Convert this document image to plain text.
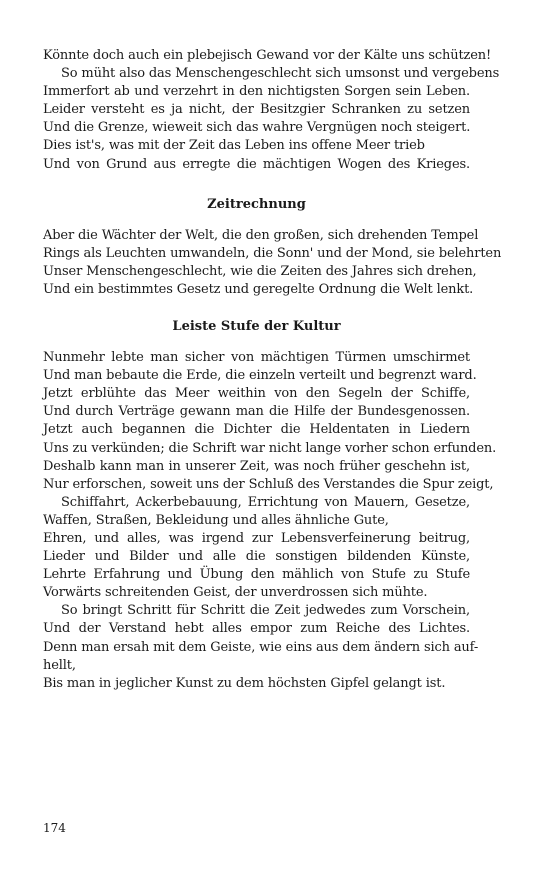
Könnte doch auch ein plebejisch Gewand vor der Kälte uns schützen!
So müht also das Menschengeschlecht sich umsonst und vergebens
Immerfort ab und verzehrt in den nichtigsten Sorgen sein Leben.
Leider versteht es ja nicht, der Besitzgier Schranken zu setzen
Und die Grenze, wieweit sich das wahre Vergnügen noch steigert.
Dies ist's, was mit der Zeit das Leben ins offene Meer trieb
Und von Grund aus erregte die mächtigen Wogen des Krieges.
Zeitrechnung
Aber die Wächter der Welt, die den großen, sich drehenden Tempel
Rings als Leuchten umwandeln, die Sonn' und der Mond, sie belehrten
Unser Menschengeschlecht, wie die Zeiten des Jahres sich drehen,
Und ein bestimmtes Gesetz und geregelte Ordnung die Welt lenkt.
Leiste Stufe der Kultur
Nunmehr lebte man sicher von mächtigen Türmen umschirmet
Und man bebaute die Erde, die einzeln verteilt und begrenzt ward.
Jetzt erblühte das Meer weithin von den Segeln der Schiffe,
Und durch Verträge gewann man die Hilfe der Bundesgenossen.
Jetzt auch begannen die Dichter die Heldentaten in Liedern
Uns zu verkünden; die Schrift war nicht lange vorher schon erfunden.
Deshalb kann man in unserer Zeit, was noch früher geschehn ist,
Nur erforschen, soweit uns der Schluß des Verstandes die Spur zeigt,
Schiffahrt, Ackerbebauung, Errichtung von Mauern, Gesetze,
Waffen, Straßen, Bekleidung und alles ähnliche Gute,
Ehren, und alles, was irgend zur Lebensverfeinerung beitrug,
Lieder und Bilder und alle die sonstigen bildenden Künste,
Lehrte Erfahrung und Übung den mählich von Stufe zu Stufe
Vorwärts schreitenden Geist, der unverdrossen sich mühte.
So bringt Schritt für Schritt die Zeit jedwedes zum Vorschein,
Und der Verstand hebt alles empor zum Reiche des Lichtes.
Denn man ersah mit dem Geiste, wie eins aus dem ändern sich auf-
hellt,
Bis man in jeglicher Kunst zu dem höchsten Gipfel gelangt ist.
174
